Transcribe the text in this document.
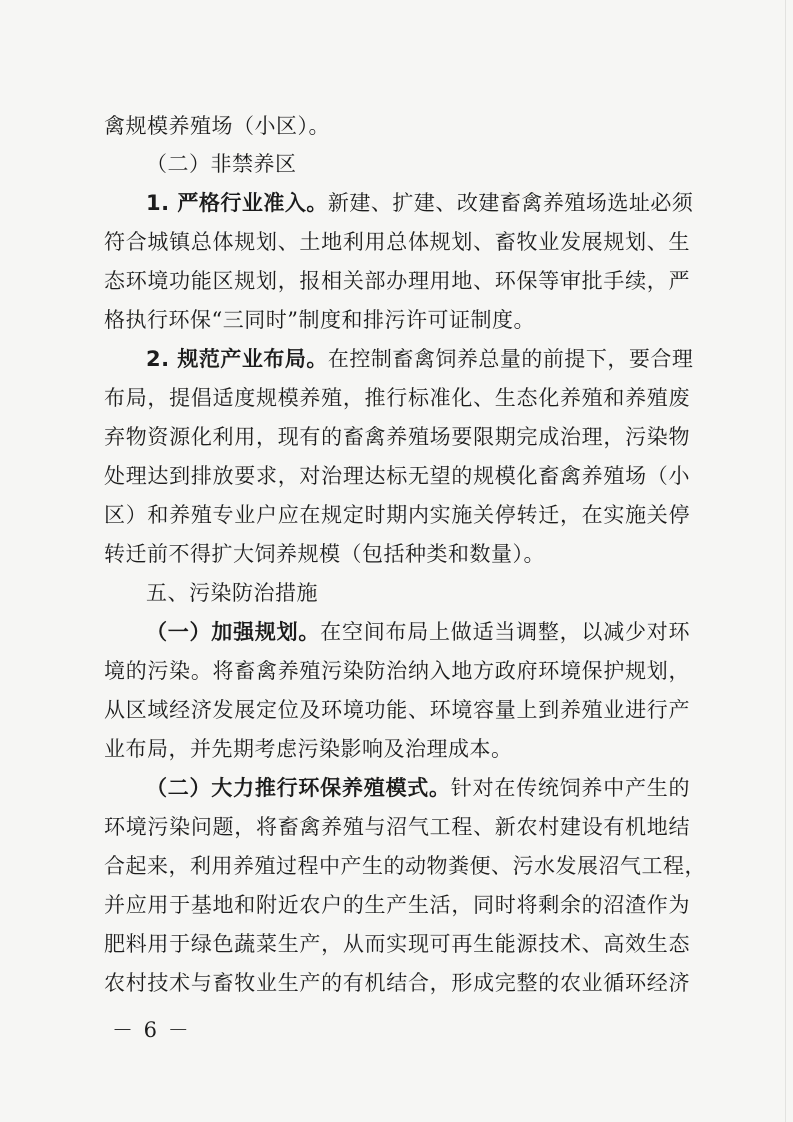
禽规模养殖场（小区）。
（二）非禁养区
1. 严格行业准入。新建、扩建、改建畜禽养殖场选址必须
符合城镇总体规划、土地利用总体规划、畜牧业发展规划、生
态环境功能区规划，报相关部办理用地、环保等审批手续，严
格执行环保“三同时”制度和排污许可证制度。
2. 规范产业布局。在控制畜禽饲养总量的前提下，要合理
布局，提倡适度规模养殖，推行标准化、生态化养殖和养殖废
弃物资源化利用，现有的畜禽养殖场要限期完成治理，污染物
处理达到排放要求，对治理达标无望的规模化畜禽养殖场（小
区）和养殖专业户应在规定时期内实施关停转迁，在实施关停
转迁前不得扩大饲养规模（包括种类和数量）。
五、污染防治措施
（一）加强规划。在空间布局上做适当调整，以减少对环
境的污染。将畜禽养殖污染防治纳入地方政府环境保护规划，
从区域经济发展定位及环境功能、环境容量上到养殖业进行产
业布局，并先期考虑污染影响及治理成本。
（二）大力推行环保养殖模式。针对在传统饲养中产生的
环境污染问题，将畜禽养殖与沼气工程、新农村建设有机地结
合起来，利用养殖过程中产生的动物粪便、污水发展沼气工程，
并应用于基地和附近农户的生产生活，同时将剩余的沼渣作为
肥料用于绿色蔬菜生产，从而实现可再生能源技术、高效生态
农村技术与畜牧业生产的有机结合，形成完整的农业循环经济
－ 6 －
